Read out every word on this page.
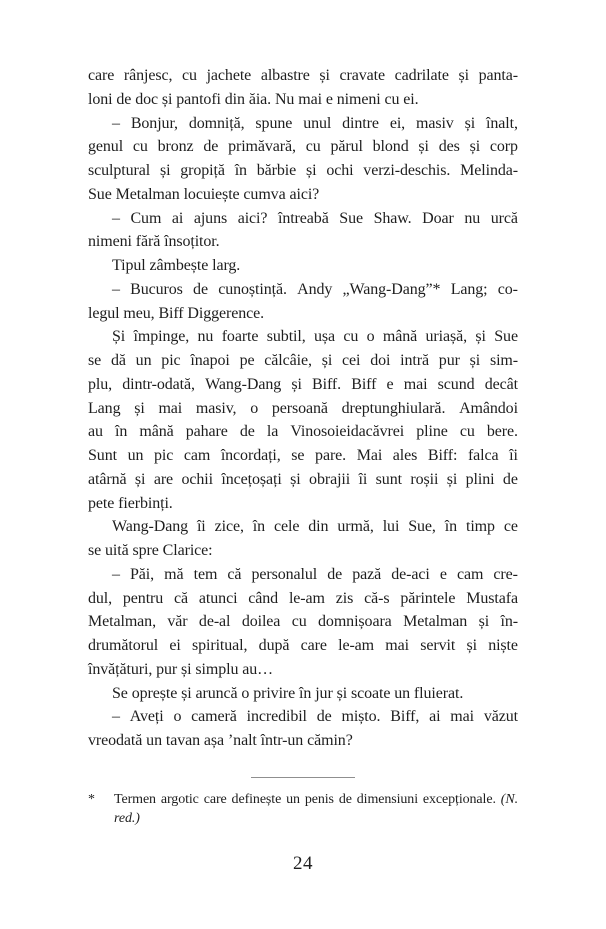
care rânjesc, cu jachete albastre și cravate cadrilate și panta-
loni de doc și pantofi din ăia. Nu mai e nimeni cu ei.
– Bonjur, domniță, spune unul dintre ei, masiv și înalt,
genul cu bronz de primăvară, cu părul blond și des și corp
sculptural și gropiță în bărbie și ochi verzi-deschis. Melinda-
Sue Metalman locuiește cumva aici?
– Cum ai ajuns aici? întreabă Sue Shaw. Doar nu urcă
nimeni fără însoțitor.
Tipul zâmbește larg.
– Bucuros de cunoștință. Andy „Wang-Dang”* Lang; co-
legul meu, Biff Diggerence.
Și împinge, nu foarte subtil, ușa cu o mână uriașă, și Sue
se dă un pic înapoi pe călcâie, și cei doi intră pur și sim-
plu, dintr-odată, Wang-Dang și Biff. Biff e mai scund decât
Lang și mai masiv, o persoană dreptunghiulară. Amândoi
au în mână pahare de la Vinosoieidacăvrei pline cu bere.
Sunt un pic cam încordați, se pare. Mai ales Biff: falca îi
atârnă și are ochii încețoșați și obrajii îi sunt roșii și plini de
pete fierbinți.
Wang-Dang îi zice, în cele din urmă, lui Sue, în timp ce
se uită spre Clarice:
– Păi, mă tem că personalul de pază de-aci e cam cre-
dul, pentru că atunci când le-am zis că-s părintele Mustafa
Metalman, văr de-al doilea cu domnișoara Metalman și în-
drumătorul ei spiritual, după care le-am mai servit și niște
învățături, pur și simplu au…
Se oprește și aruncă o privire în jur și scoate un fluierat.
– Aveți o cameră incredibil de mișto. Biff, ai mai văzut
vreodată un tavan așa ’nalt într-un cămin?
* Termen argotic care definește un penis de dimensiuni excepționale. (N. red.)
24
